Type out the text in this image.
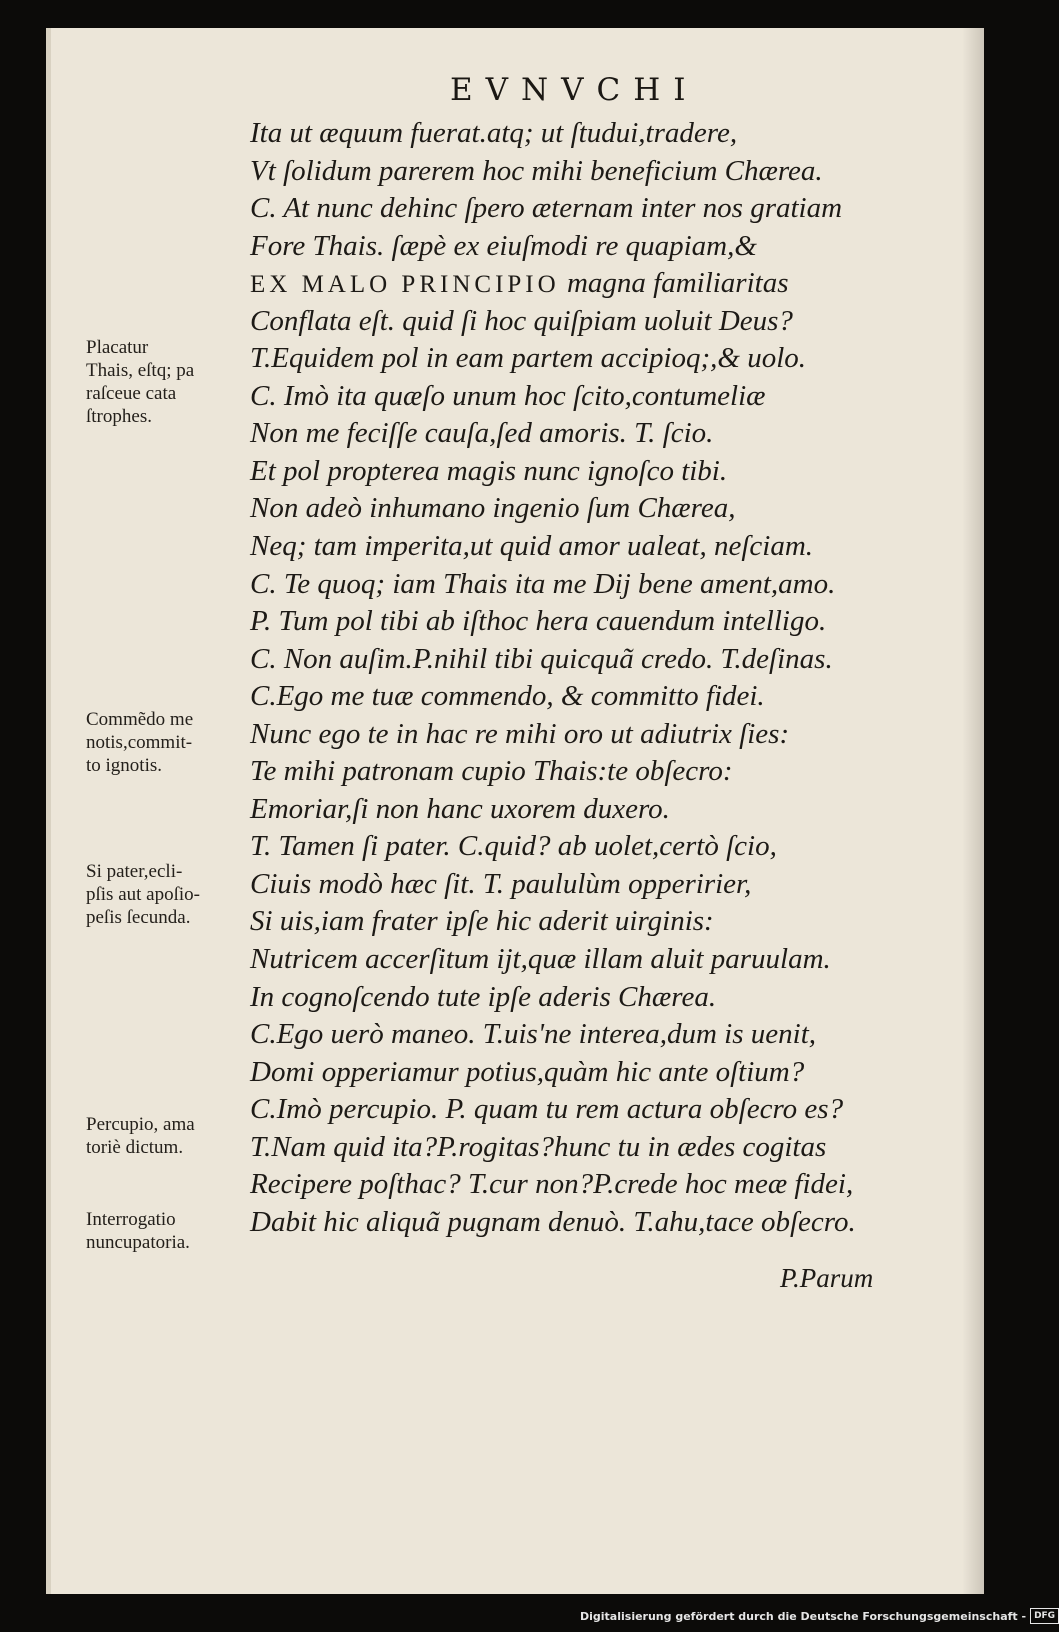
EVNVCHI
Ita ut æquum fuerat.atq; ut ſtudui,tradere,
Vt ſolidum parerem hoc mihi beneficium Chærea.
C. At nunc dehinc ſpero æternam inter nos gratiam
Fore Thais. ſæpè ex eiuſmodi re quapiam,&
EX MALO PRINCIPIO magna familiaritas
Conflata eſt. quid ſi hoc quiſpiam uoluit Deus?
T.Equidem pol in eam partem accipioq;,& uolo.
C. Imò ita quæſo unum hoc ſcito,contumeliæ
Non me feciſſe cauſa,ſed amoris. T. ſcio.
Et pol propterea magis nunc ignoſco tibi.
Non adeò inhumano ingenio ſum Chærea,
Neq; tam imperita,ut quid amor ualeat, neſciam.
C. Te quoq; iam Thais ita me Dij bene ament,amo.
P. Tum pol tibi ab iſthoc hera cauendum intelligo.
C. Non auſim.P.nihil tibi quicquã credo. T.deſinas.
C.Ego me tuæ commendo, & committo fidei.
Nunc ego te in hac re mihi oro ut adiutrix ſies:
Te mihi patronam cupio Thais:te obſecro:
Emoriar,ſi non hanc uxorem duxero.
T. Tamen ſi pater. C.quid? ab uolet,certò ſcio,
Ciuis modò hæc ſit. T. paululùm opperirier,
Si uis,iam frater ipſe hic aderit uirginis:
Nutricem accerſitum ijt,quæ illam aluit paruulam.
In cognoſcendo tute ipſe aderis Chærea.
C.Ego uerò maneo. T.uis'ne interea,dum is uenit,
Domi opperiamur potius,quàm hic ante oſtium?
C.Imò percupio. P. quam tu rem actura obſecro es?
T.Nam quid ita?P.rogitas?hunc tu in ædes cogitas
Recipere poſthac? T.cur non?P.crede hoc meæ fidei,
Dabit hic aliquã pugnam denuò. T.ahu,tace obſecro.
P.Parum
Placatur
Thais, eſtq; pa
raſceue cata
ſtrophes.
Commẽdo me
notis,commit-
to ignotis.
Si pater,ecli-
pſis aut apoſio-
peſis ſecunda.
Percupio, ama
toriè dictum.
Interrogatio
nuncupatoria.
Digitalisierung gefördert durch die Deutsche Forschungsgemeinschaft - DFG
